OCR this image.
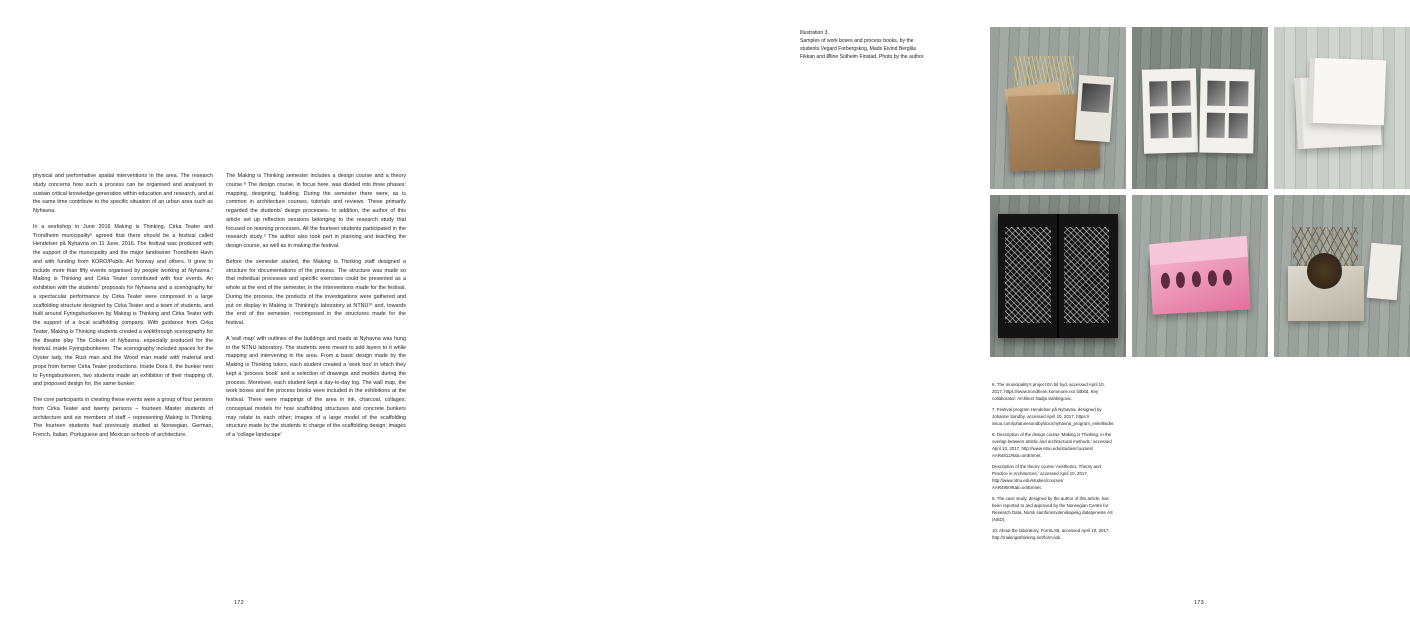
physical and performative spatial interventions in the area. The research study concerns how such a process can be organised and analysed to sustain critical knowledge-generation within education and research, and at the same time contribute to the specific situation of an urban area such as Nyhavna.

In a workshop in June 2016 Making is Thinking, Cirka Teater and Trondheim municipality⁶ agreed that there should be a festival called Hendelser på Nyhavna on 11 June, 2016. The festival was produced with the support of the municipality and the major landowner Trondheim Havn and with funding from KORO/Public Art Norway and others. It grew to include more than fifty events organised by people working at Nyhavna.⁷ Making is Thinking and Cirka Teater contributed with four events. An exhibition with the students' proposals for Nyhavna and a scenography for a spectacular performance by Cirka Teater were composed in a large scaffolding structure designed by Cirka Teater and a team of students, and built around Fyringsbunkeren by Making is Thinking and Cirka Teater with the support of a local scaffolding company. With guidance from Cirka Teater, Making is Thinking students created a walkthrough scenography for the theatre play The Colours of Nyhavna, especially produced for the festival, inside Fyringsbunkeren. The scenography included spaces for the Oyster lady, the Rust man and the Wood man made with material and props from former Cirka Teater productions. Inside Dora II, the bunker next to Fyringsbunkeren, two students made an exhibition of their mapping of, and proposed design for, the same bunker.

The core participants in creating these events were a group of four persons from Cirka Teater and twenty persons – fourteen Master students of architecture and six members of staff – representing Making is Thinking. The fourteen students had previously studied at Norwegian, German, French, Italian, Portuguese and Mexican schools of architecture.

The Making is Thinking semester includes a design course and a theory course.⁸ The design course, in focus here, was divided into three phases: mapping, designing, building. During the semester there were, as is common in architecture courses, tutorials and reviews. These primarily regarded the students' design processes. In addition, the author of this article set up reflection sessions belonging to the research study that focused on learning processes. All the fourteen students participated in the research study.⁹ The author also took part in planning and teaching the design course, as well as in making the festival.

Before the semester started, the Making is Thinking staff designed a structure for documentations of the process. The structure was made so that individual processes and specific exercises could be presented as a whole at the end of the semester, in the interventions made for the festival. During the process, the products of the investigations were gathered and put on display in Making is Thinking's laboratory at NTNU¹⁰ and, towards the end of the semester, recomposed in the structures made for the festival.

A 'wall map' with outlines of the buildings and roads at Nyhavna was hung in the NTNU laboratory. The students were meant to add layers to it while mapping and intervening in the area. From a basic design made by the Making is Thinking tutors, each student created a 'work box' in which they kept a 'process book' and a selection of drawings and models during the process. Moreover, each student kept a day-to-day log. The wall map, the work boxes and the process books were included in the exhibitions at the festival. There were mappings of the area in ink, charcoal, collages; conceptual models for how scaffolding structures and concrete bunkers may relate to each other; images of a large model of the scaffolding structure made by the students in charge of the scaffolding design; images of a 'collage landscape'

172
Illustration 3.
Samples of work boxes and process books, by the students Vegard Forbergskog, Mads Eivind Berglås Fikkan and Øline Solheim Finstad. Photo by the author.

6. The municipality's project En bit byd, accessed April 10, 2017, https://www.trondheim.kommune.no/ bitbitd. Key collaborator: Architect Nadja Sahbegovic.

7. Festival program Hendelser på Nyhavna, designed by Johanne Sundby, accessed April 10, 2017, https:// issuu.com/johannesundby/docs/nyhavna_program_enkeltsider.

8. Description of the design course 'Making is Thinking: in the overlap between artistic and architectural methods,' accessed April 10, 2017, http://www.ntnu.edu/studies/courses/ AAR4811#tab=omEmnet.

Description of the theory course 'Aesthetics, Theory and Practice in Architecture,' accessed April 10, 2017, http://www.ntnu.edu/studies/courses/ AAR4900#tab=omEmnet.

9. The case study, designed by the author of this article, has been reported to and approved by the Norwegian Centre for Research Data, Norsk samfunnsvitenskapelig datatjeneste AS (NSD).

10. About the laboratory, FormLAB, accessed April 10, 2017, http://makingisthinking.net/form-lab.

173
